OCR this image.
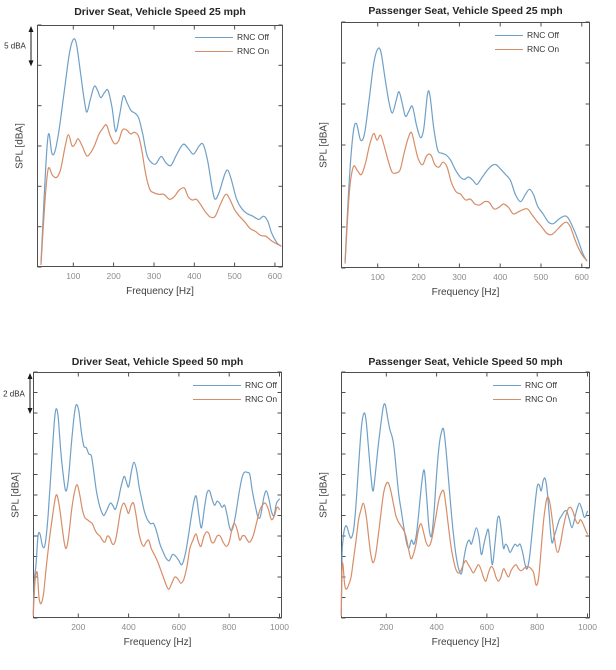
Driver Seat, Vehicle Speed 25 mph
100	200	300	400	500	600
Frequency [Hz]
SPL [dBA]
RNC Off
RNC On
5 dBA
Passenger Seat, Vehicle Speed 25 mph
100	200	300	400	500	600
Frequency [Hz]
SPL [dBA]
RNC Off
RNC On
Driver Seat, Vehicle Speed 50 mph
200	400	600	800	1000
Frequency [Hz]
SPL [dBA]
RNC Off
RNC On
2 dBA
Passenger Seat, Vehicle Speed 50 mph
200	400	600	800	1000
Frequency [Hz]
SPL [dBA]
RNC Off
RNC On
